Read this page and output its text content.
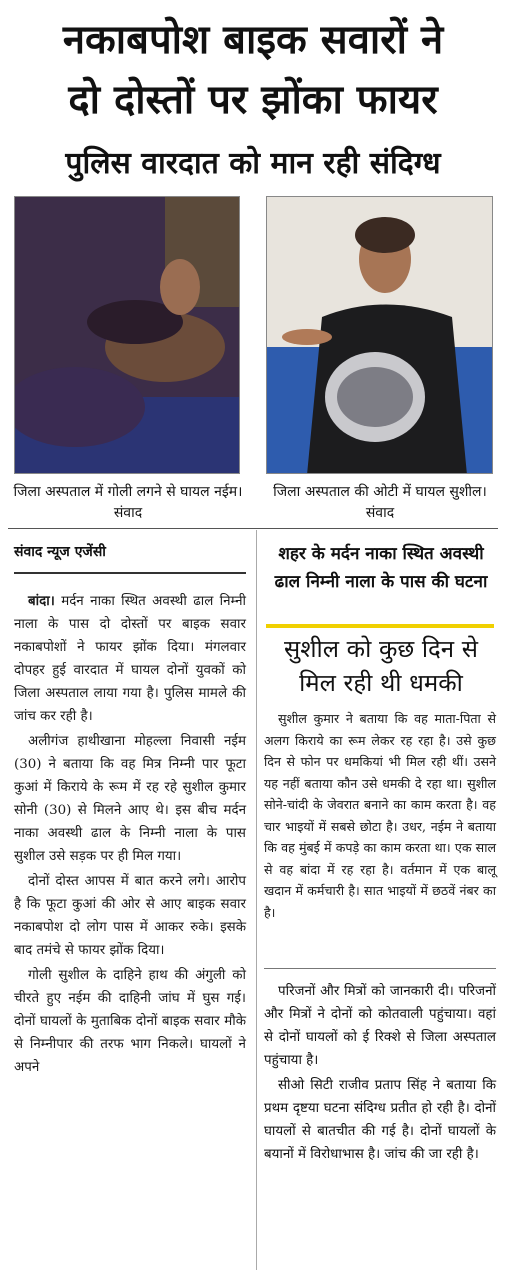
नकाबपोश बाइक सवारों ने
दो दोस्तों पर झोंका फायर
पुलिस वारदात को मान रही संदिग्ध
जिला अस्पताल में गोली लगने से घायल नईम। संवाद
जिला अस्पताल की ओटी में घायल सुशील। संवाद
संवाद न्यूज एजेंसी

बांदा। मर्दन नाका स्थित अवस्थी ढाल निम्नी नाला के पास दो दोस्तों पर बाइक सवार नकाबपोशों ने फायर झोंक दिया। मंगलवार दोपहर हुई वारदात में घायल दोनों युवकों को जिला अस्पताल लाया गया है। पुलिस मामले की जांच कर रही है।

अलीगंज हाथीखाना मोहल्ला निवासी नईम (30) ने बताया कि वह मित्र निम्नी पार फूटा कुआं में किराये के रूम में रह रहे सुशील कुमार सोनी (30) से मिलने आए थे। इस बीच मर्दन नाका अवस्थी ढाल के निम्नी नाला के पास सुशील उसे सड़क पर ही मिल गया।

दोनों दोस्त आपस में बात करने लगे। आरोप है कि फूटा कुआं की ओर से आए बाइक सवार नकाबपोश दो लोग पास में आकर रुके। इसके बाद तमंचे से फायर झोंक दिया।

गोली सुशील के दाहिने हाथ की अंगुली को चीरते हुए नईम की दाहिनी जांघ में घुस गई। दोनों घायलों के मुताबिक दोनों बाइक सवार मौके से निम्नीपार की तरफ भाग निकले। घायलों ने अपने

शहर के मर्दन नाका स्थित अवस्थी ढाल निम्नी नाला के पास की घटना
सुशील को कुछ दिन से मिल रही थी धमकी

सुशील कुमार ने बताया कि वह माता-पिता से अलग किराये का रूम लेकर रह रहा है। उसे कुछ दिन से फोन पर धमकियां भी मिल रही थीं। उसने यह नहीं बताया कौन उसे धमकी दे रहा था। सुशील सोने-चांदी के जेवरात बनाने का काम करता है। वह चार भाइयों में सबसे छोटा है। उधर, नईम ने बताया कि वह मुंबई में कपड़े का काम करता था। एक साल से वह बांदा में रह रहा है। वर्तमान में एक बालू खदान में कर्मचारी है। सात भाइयों में छठवें नंबर का है।

परिजनों और मित्रों को जानकारी दी। परिजनों और मित्रों ने दोनों को कोतवाली पहुंचाया। वहां से दोनों घायलों को ई रिक्शे से जिला अस्पताल पहुंचाया है।

सीओ सिटी राजीव प्रताप सिंह ने बताया कि प्रथम दृष्टया घटना संदिग्ध प्रतीत हो रही है। दोनों घायलों से बातचीत की गई है। दोनों घायलों के बयानों में विरोधाभास है। जांच की जा रही है।
